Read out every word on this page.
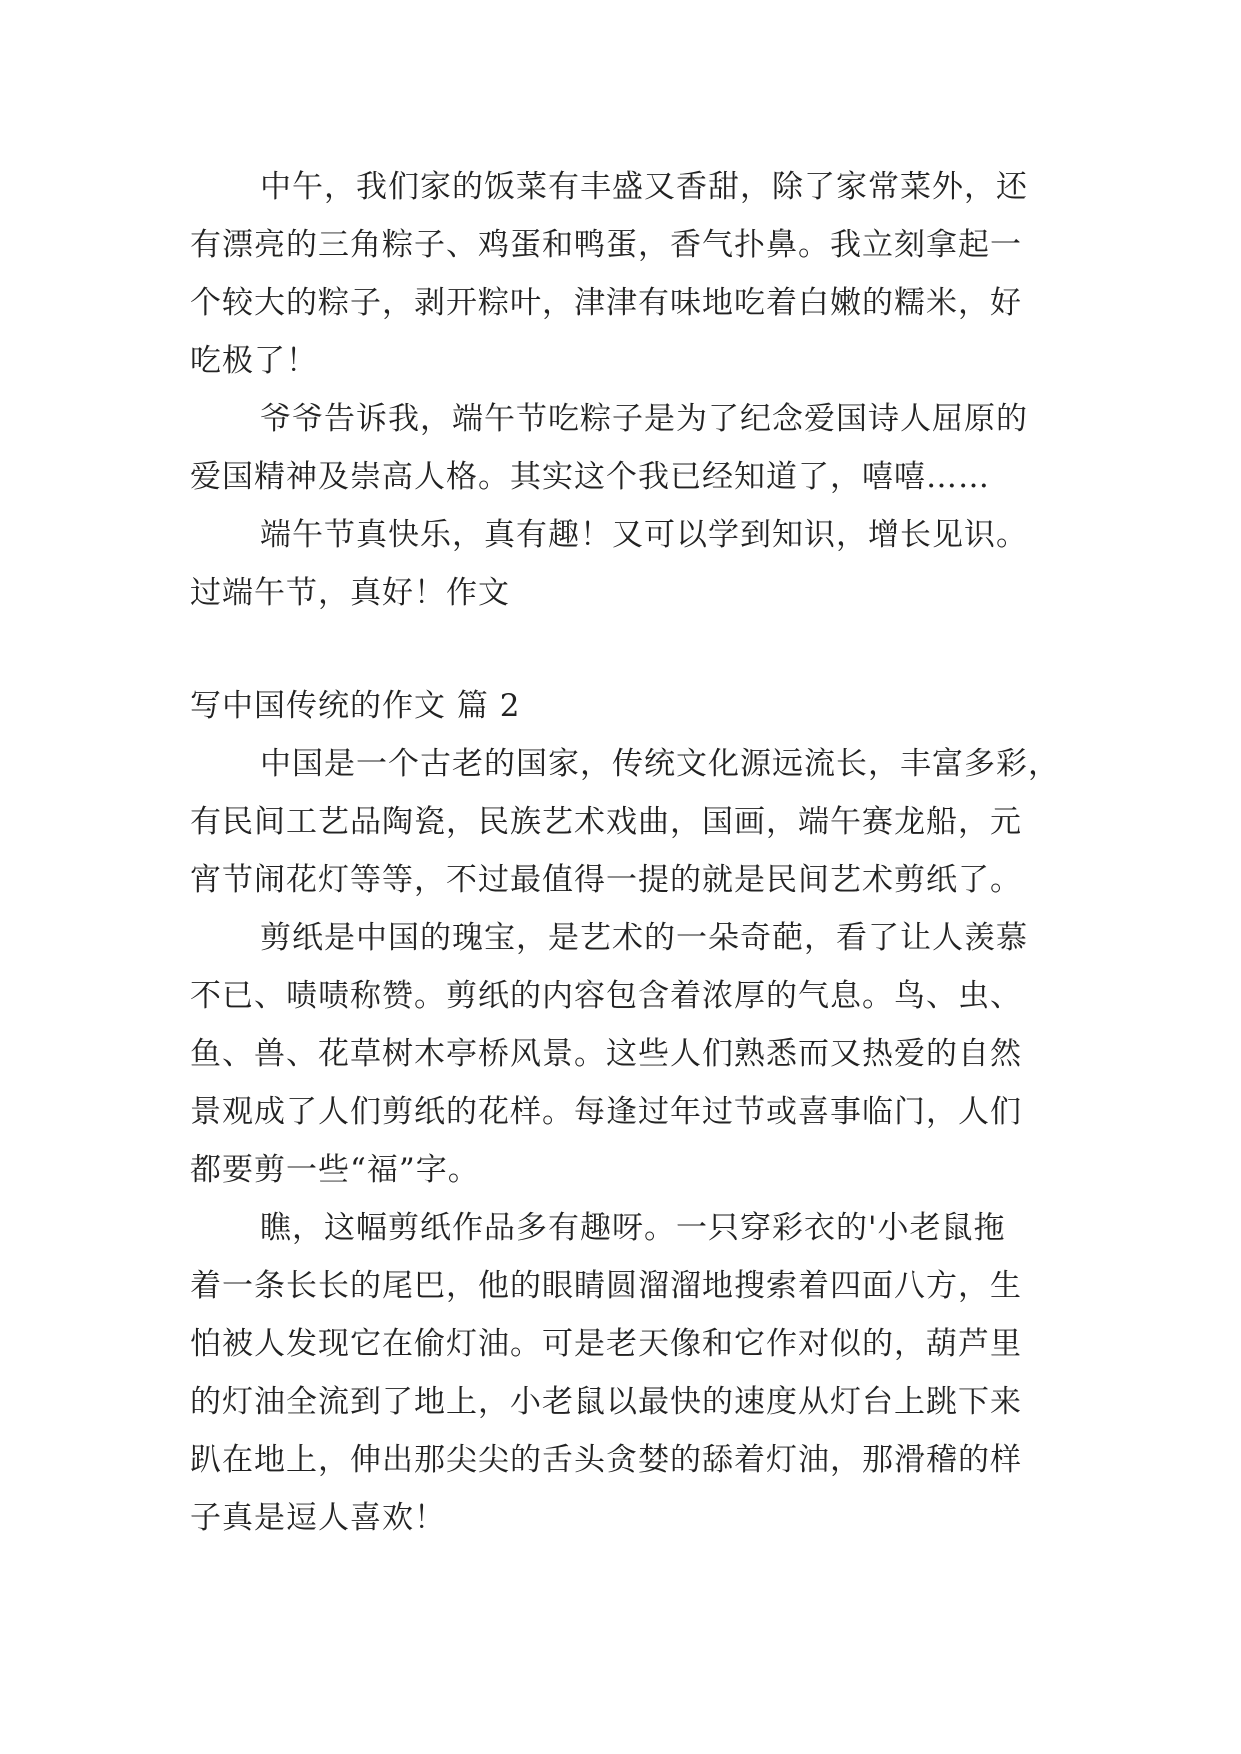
中午，我们家的饭菜有丰盛又香甜，除了家常菜外，还
有漂亮的三角粽子、鸡蛋和鸭蛋，香气扑鼻。我立刻拿起一
个较大的粽子，剥开粽叶，津津有味地吃着白嫩的糯米，好
吃极了！
爷爷告诉我，端午节吃粽子是为了纪念爱国诗人屈原的
爱国精神及崇高人格。其实这个我已经知道了，嘻嘻……
端午节真快乐，真有趣！又可以学到知识，增长见识。
过端午节，真好！作文
写中国传统的作文 篇 2
中国是一个古老的国家，传统文化源远流长，丰富多彩，
有民间工艺品陶瓷，民族艺术戏曲，国画，端午赛龙船，元
宵节闹花灯等等，不过最值得一提的就是民间艺术剪纸了。
剪纸是中国的瑰宝，是艺术的一朵奇葩，看了让人羡慕
不已、啧啧称赞。剪纸的内容包含着浓厚的气息。鸟、虫、
鱼、兽、花草树木亭桥风景。这些人们熟悉而又热爱的自然
景观成了人们剪纸的花样。每逢过年过节或喜事临门，人们
都要剪一些“福”字。
瞧，这幅剪纸作品多有趣呀。一只穿彩衣的'小老鼠拖
着一条长长的尾巴，他的眼睛圆溜溜地搜索着四面八方，生
怕被人发现它在偷灯油。可是老天像和它作对似的，葫芦里
的灯油全流到了地上，小老鼠以最快的速度从灯台上跳下来
趴在地上，伸出那尖尖的舌头贪婪的舔着灯油，那滑稽的样
子真是逗人喜欢！
